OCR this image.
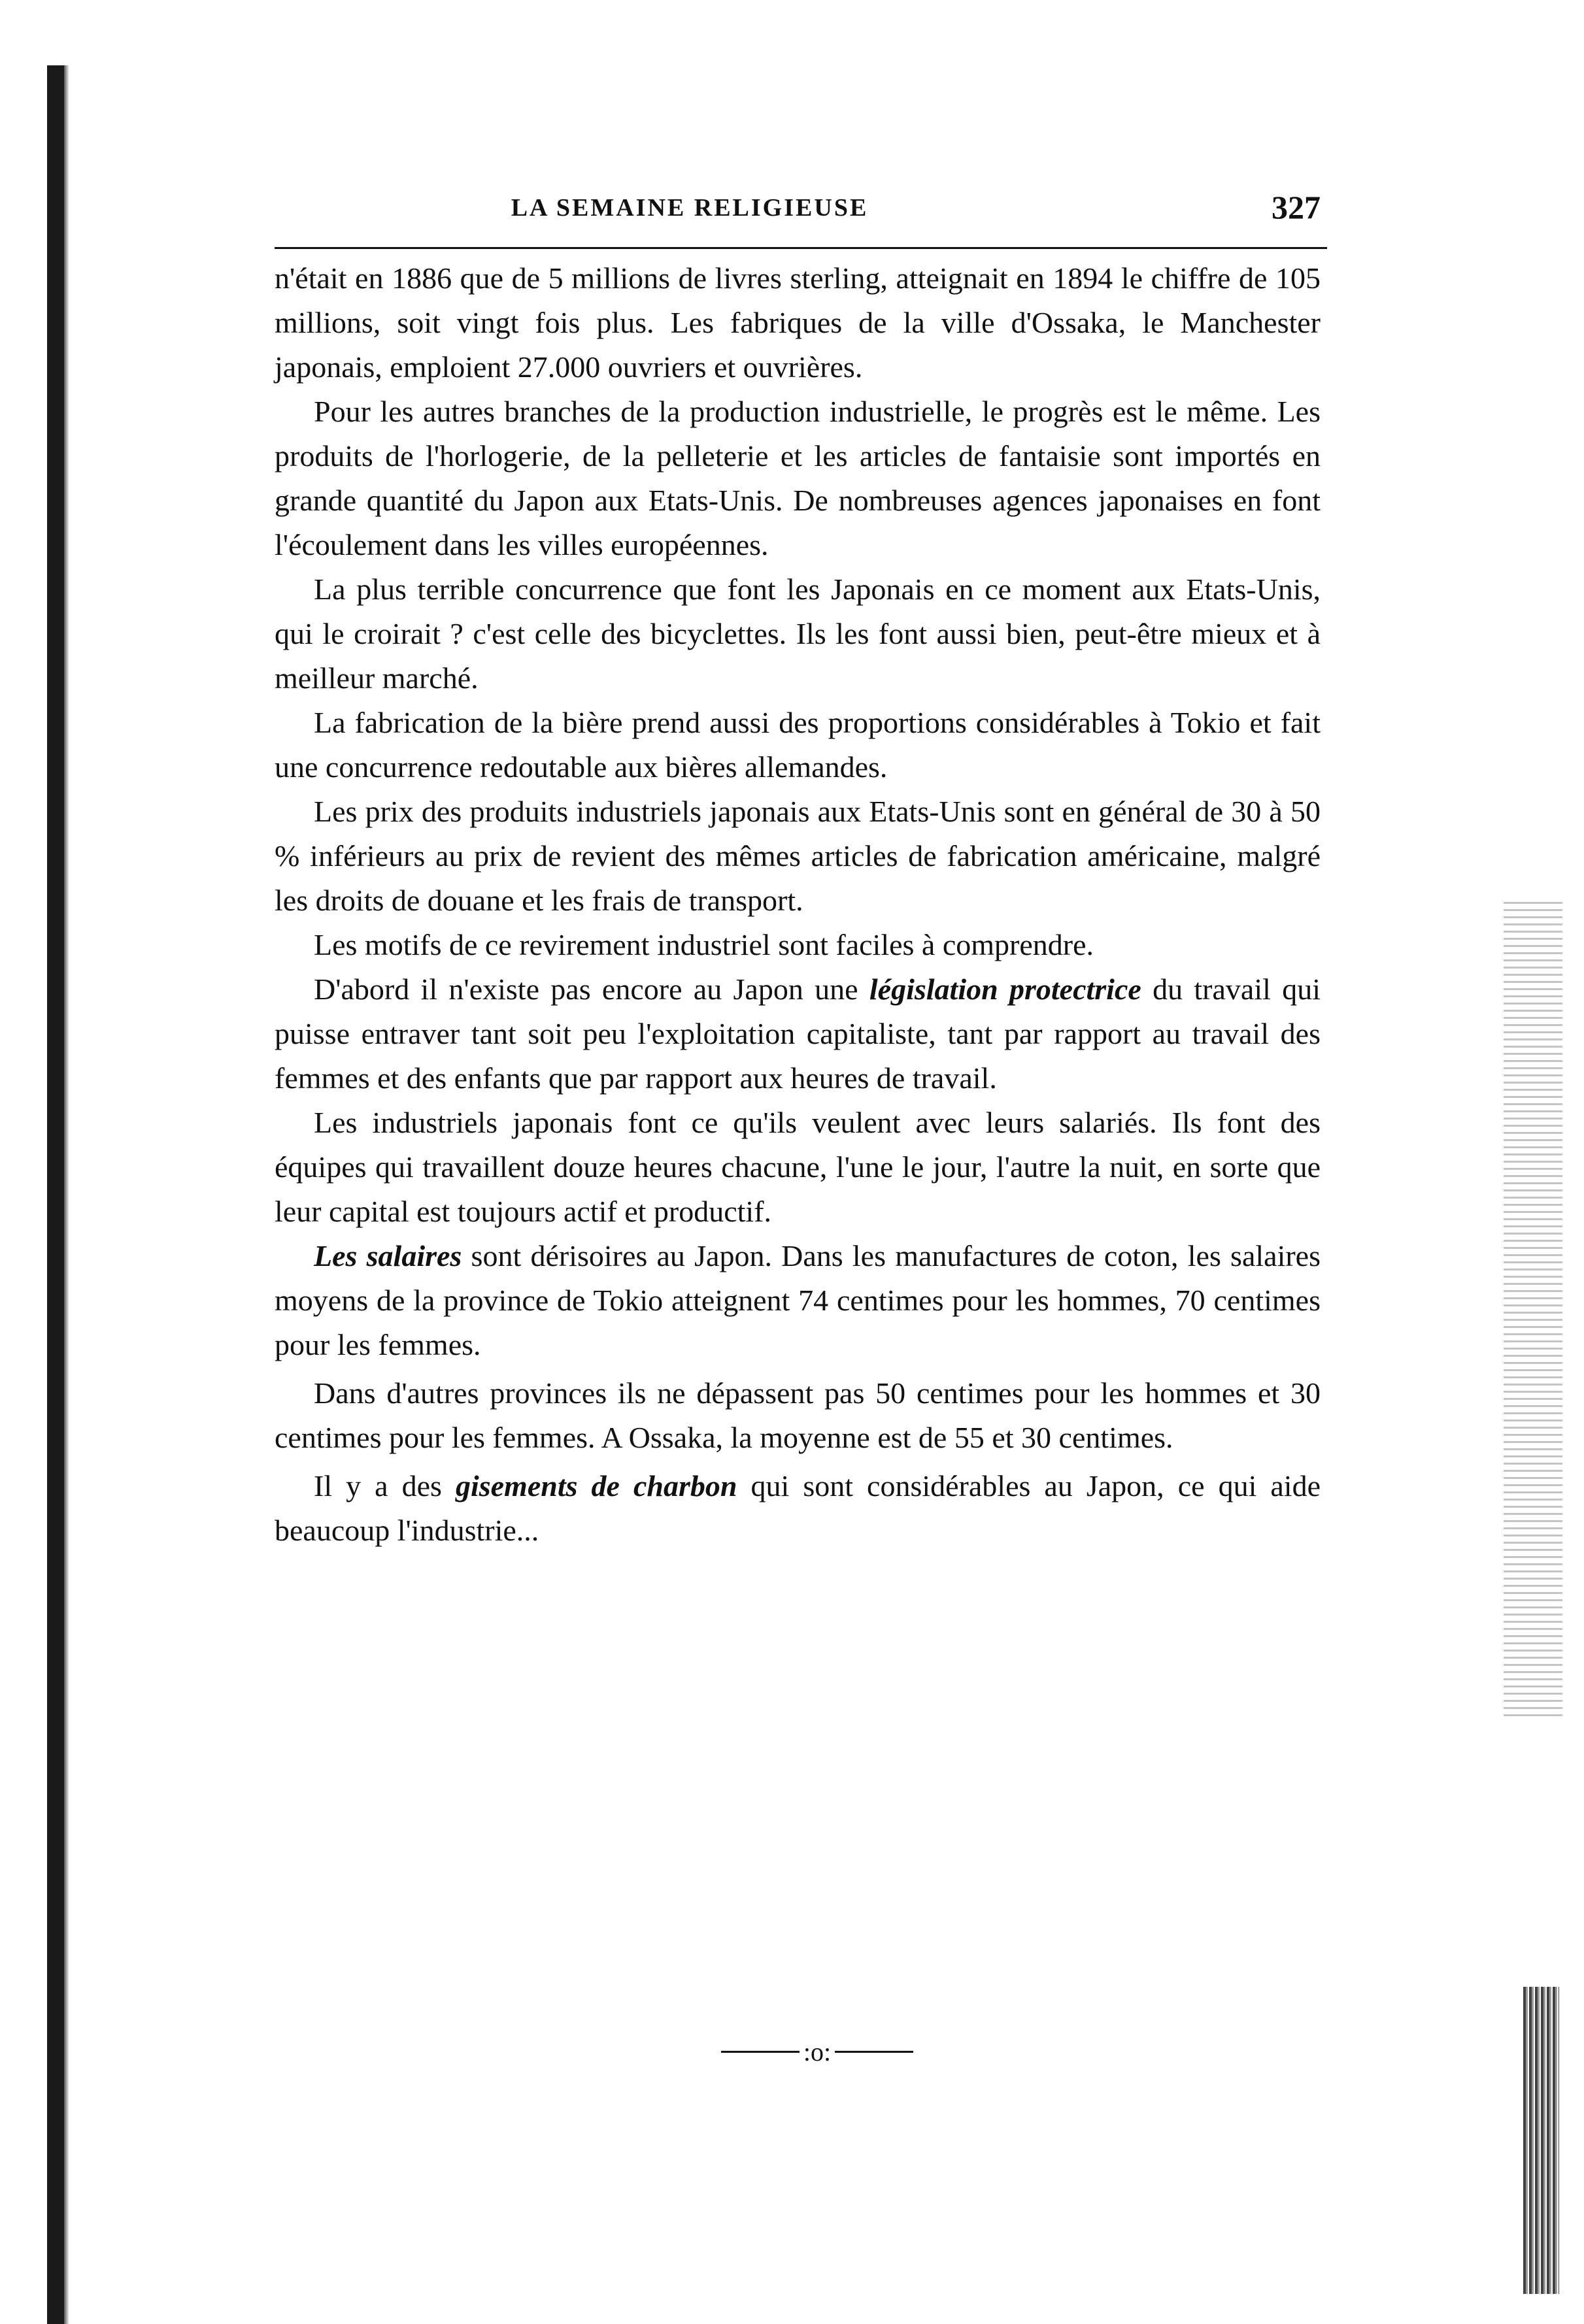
LA SEMAINE RELIGIEUSE	327

n'était en 1886 que de 5 millions de livres sterling, atteignait en 1894 le chiffre de 105 millions, soit vingt fois plus. Les fabriques de la ville d'Ossaka, le Manchester japonais, emploient 27.000 ouvriers et ouvrières.

Pour les autres branches de la production industrielle, le progrès est le même. Les produits de l'horlogerie, de la pelleterie et les articles de fantaisie sont importés en grande quantité du Japon aux Etats-Unis. De nombreuses agences japonaises en font l'écoulement dans les villes européennes.

La plus terrible concurrence que font les Japonais en ce moment aux Etats-Unis, qui le croirait ? c'est celle des bicyclettes. Ils les font aussi bien, peut-être mieux et à meilleur marché.

La fabrication de la bière prend aussi des proportions considérables à Tokio et fait une concurrence redoutable aux bières allemandes.

Les prix des produits industriels japonais aux Etats-Unis sont en général de 30 à 50 % inférieurs au prix de revient des mêmes articles de fabrication américaine, malgré les droits de douane et les frais de transport.

Les motifs de ce revirement industriel sont faciles à comprendre.

D'abord il n'existe pas encore au Japon une législation protectrice du travail qui puisse entraver tant soit peu l'exploitation capitaliste, tant par rapport au travail des femmes et des enfants que par rapport aux heures de travail.

Les industriels japonais font ce qu'ils veulent avec leurs salariés. Ils font des équipes qui travaillent douze heures chacune, l'une le jour, l'autre la nuit, en sorte que leur capital est toujours actif et productif.

Les salaires sont dérisoires au Japon. Dans les manufactures de coton, les salaires moyens de la province de Tokio atteignent 74 centimes pour les hommes, 70 centimes pour les femmes.

Dans d'autres provinces ils ne dépassent pas 50 centimes pour les hommes et 30 centimes pour les femmes. A Ossaka, la moyenne est de 55 et 30 centimes.

Il y a des gisements de charbon qui sont considérables au Japon, ce qui aide beaucoup l'industrie...

:o:
